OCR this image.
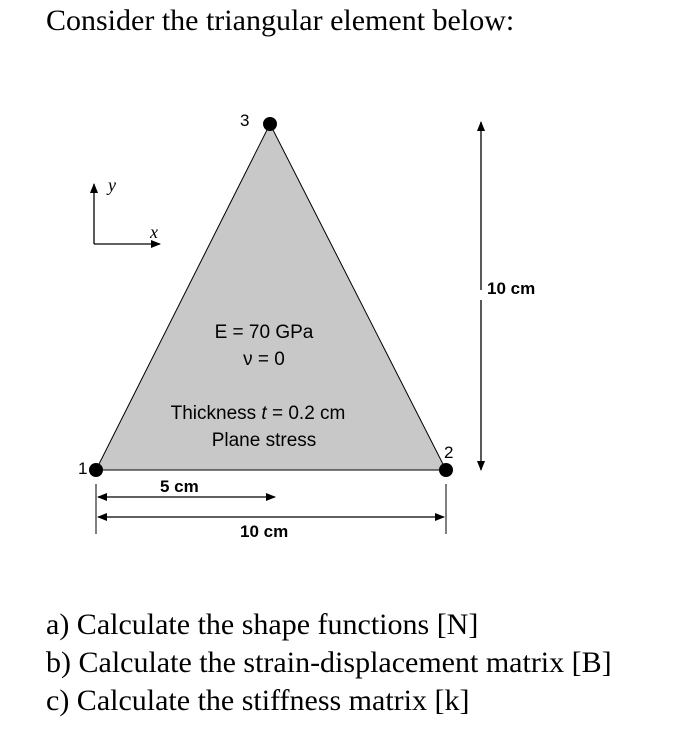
Consider the triangular element below:
y
x
1
2
3
E = 70 GPa
ν = 0
Thickness t = 0.2 cm
Plane stress
10 cm
5 cm
10 cm
a) Calculate the shape functions [N]
b) Calculate the strain-displacement matrix [B]
c) Calculate the stiffness matrix [k]
